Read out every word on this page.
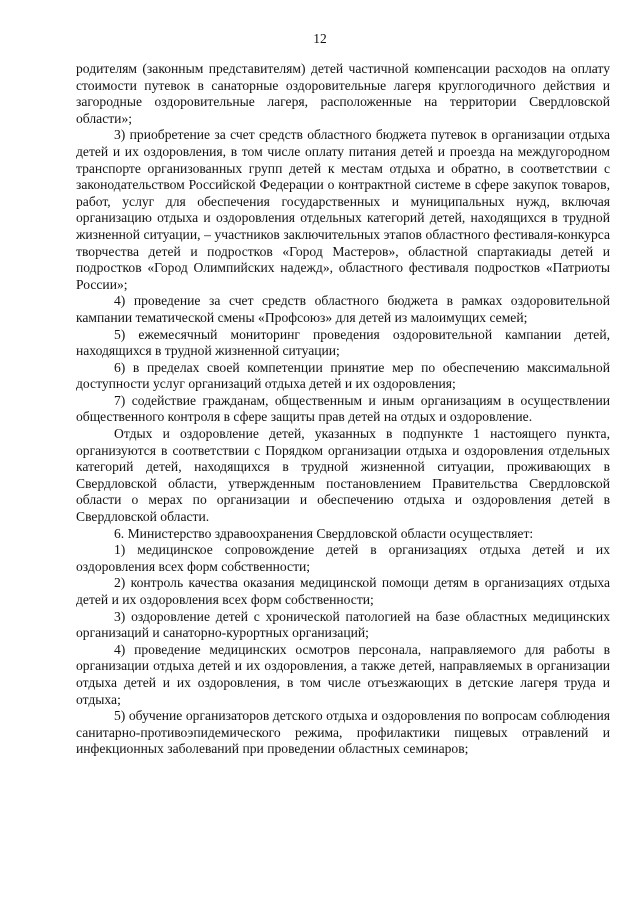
12

родителям (законным представителям) детей частичной компенсации расходов на оплату стоимости путевок в санаторные оздоровительные лагеря круглогодичного действия и загородные оздоровительные лагеря, расположенные на территории Свердловской области»;

3) приобретение за счет средств областного бюджета путевок в организации отдыха детей и их оздоровления, в том числе оплату питания детей и проезда на междугородном транспорте организованных групп детей к местам отдыха и обратно, в соответствии с законодательством Российской Федерации о контрактной системе в сфере закупок товаров, работ, услуг для обеспечения государственных и муниципальных нужд, включая организацию отдыха и оздоровления отдельных категорий детей, находящихся в трудной жизненной ситуации, – участников заключительных этапов областного фестиваля-конкурса творчества детей и подростков «Город Мастеров», областной спартакиады детей и подростков «Город Олимпийских надежд», областного фестиваля подростков «Патриоты России»;

4) проведение за счет средств областного бюджета в рамках оздоровительной кампании тематической смены «Профсоюз» для детей из малоимущих семей;

5) ежемесячный мониторинг проведения оздоровительной кампании детей, находящихся в трудной жизненной ситуации;

6) в пределах своей компетенции принятие мер по обеспечению максимальной доступности услуг организаций отдыха детей и их оздоровления;

7) содействие гражданам, общественным и иным организациям в осуществлении общественного контроля в сфере защиты прав детей на отдых и оздоровление.

Отдых и оздоровление детей, указанных в подпункте 1 настоящего пункта, организуются в соответствии с Порядком организации отдыха и оздоровления отдельных категорий детей, находящихся в трудной жизненной ситуации, проживающих в Свердловской области, утвержденным постановлением Правительства Свердловской области о мерах по организации и обеспечению отдыха и оздоровления детей в Свердловской области.

6. Министерство здравоохранения Свердловской области осуществляет:

1) медицинское сопровождение детей в организациях отдыха детей и их оздоровления всех форм собственности;

2) контроль качества оказания медицинской помощи детям в организациях отдыха детей и их оздоровления всех форм собственности;

3) оздоровление детей с хронической патологией на базе областных медицинских организаций и санаторно-курортных организаций;

4) проведение медицинских осмотров персонала, направляемого для работы в организации отдыха детей и их оздоровления, а также детей, направляемых в организации отдыха детей и их оздоровления, в том числе отъезжающих в детские лагеря труда и отдыха;

5) обучение организаторов детского отдыха и оздоровления по вопросам соблюдения санитарно-противоэпидемического режима, профилактики пищевых отравлений и инфекционных заболеваний при проведении областных семинаров;
